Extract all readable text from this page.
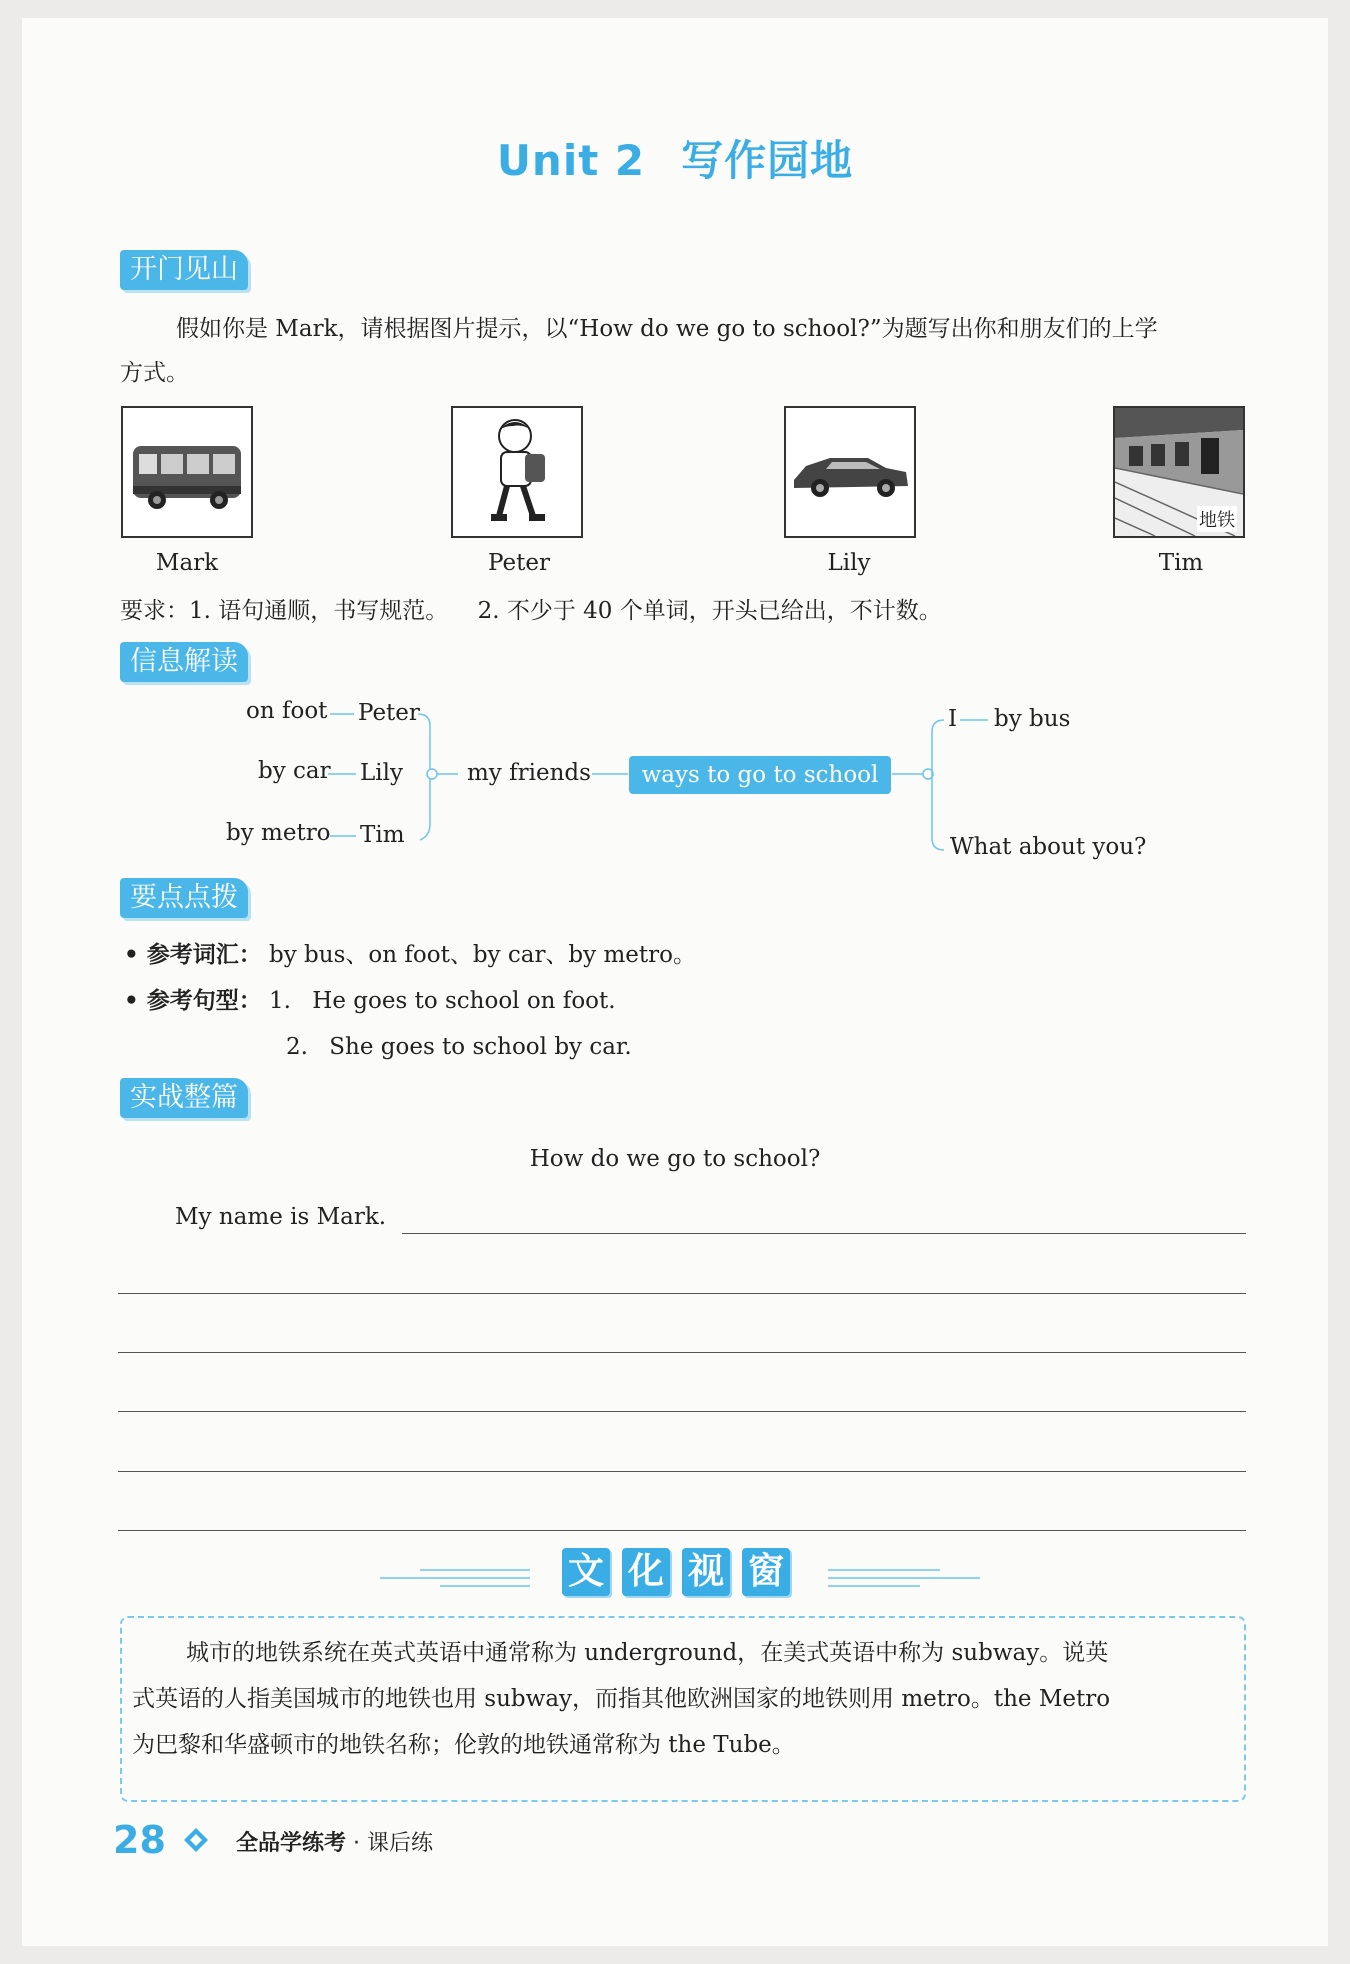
Unit 2 写作园地
开门见山
假如你是 Mark，请根据图片提示，以“How do we go to school?”为题写出你和朋友们的上学
方式。
地铁
Mark	Peter	Lily	Tim
要求：1. 语句通顺，书写规范。 2. 不少于 40 个单词，开头已给出，不计数。
信息解读
on foot Peter
by car Lily
by metro Tim
my friends	ways to go to school
I by bus
What about you?
要点点拨
• 参考词汇： by bus、on foot、by car、by metro。
• 参考句型： 1. He goes to school on foot.
2. She goes to school by car.
实战整篇
How do we go to school?
My name is Mark.
文 化 视 窗
城市的地铁系统在英式英语中通常称为 underground，在美式英语中称为 subway。说英
式英语的人指美国城市的地铁也用 subway，而指其他欧洲国家的地铁则用 metro。the Metro
为巴黎和华盛顿市的地铁名称；伦敦的地铁通常称为 the Tube。
28	全品学练考 · 课后练
